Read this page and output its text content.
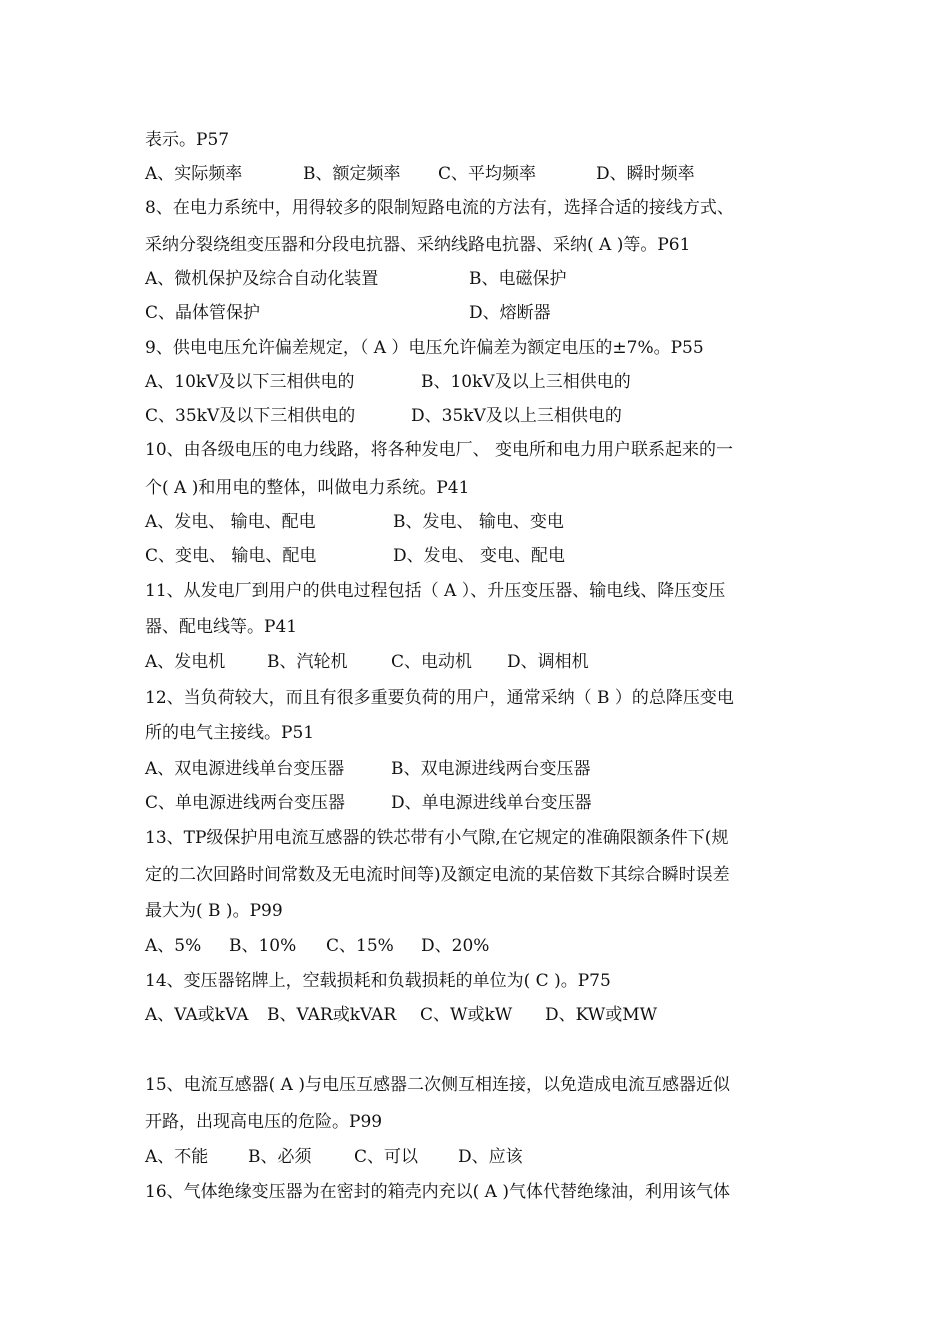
表示。P57

A、实际频率	B、额定频率 C、平均频率	D、瞬时频率

8、在电力系统中，用得较多的限制短路电流的方法有，选择合适的接线方式、

采纳分裂绕组变压器和分段电抗器、采纳线路电抗器、采纳( A )等。P61

A、微机保护及综合自动化装置	B、电磁保护

C、晶体管保护	D、熔断器

9、供电电压允许偏差规定，（ A ）电压允许偏差为额定电压的±7%。P55

A、10kV及以下三相供电的	B、10kV及以上三相供电的

C、35kV及以下三相供电的	D、35kV及以上三相供电的

10、由各级电压的电力线路，将各种发电厂、 变电所和电力用户联系起来的一

个( A )和用电的整体，叫做电力系统。P41

A、发电、 输电、配电	B、发电、 输电、变电

C、变电、 输电、配电	D、发电、 变电、配电

11、从发电厂到用户的供电过程包括（ A ）、升压变压器、输电线、降压变压

器、配电线等。P41

A、发电机 B、汽轮机	C、电动机 D、调相机

12、当负荷较大，而且有很多重要负荷的用户，通常采纳（ B ）的总降压变电

所的电气主接线。P51

A、双电源进线单台变压器	B、双电源进线两台变压器

C、单电源进线两台变压器	D、单电源进线单台变压器

13、TP级保护用电流互感器的铁芯带有小气隙,在它规定的准确限额条件下(规

定的二次回路时间常数及无电流时间等)及额定电流的某倍数下其综合瞬时误差

最大为( B )。P99

A、5% B、10% C、15% D、20%

14、变压器铭牌上，空载损耗和负载损耗的单位为( C )。P75

A、VA或kVA B、VAR或kVAR C、W或kW D、KW或MW

15、电流互感器( A )与电压互感器二次侧互相连接，以免造成电流互感器近似

开路，出现高电压的危险。P99

A、不能 B、必须	C、可以 D、应该

16、气体绝缘变压器为在密封的箱壳内充以( A )气体代替绝缘油，利用该气体
